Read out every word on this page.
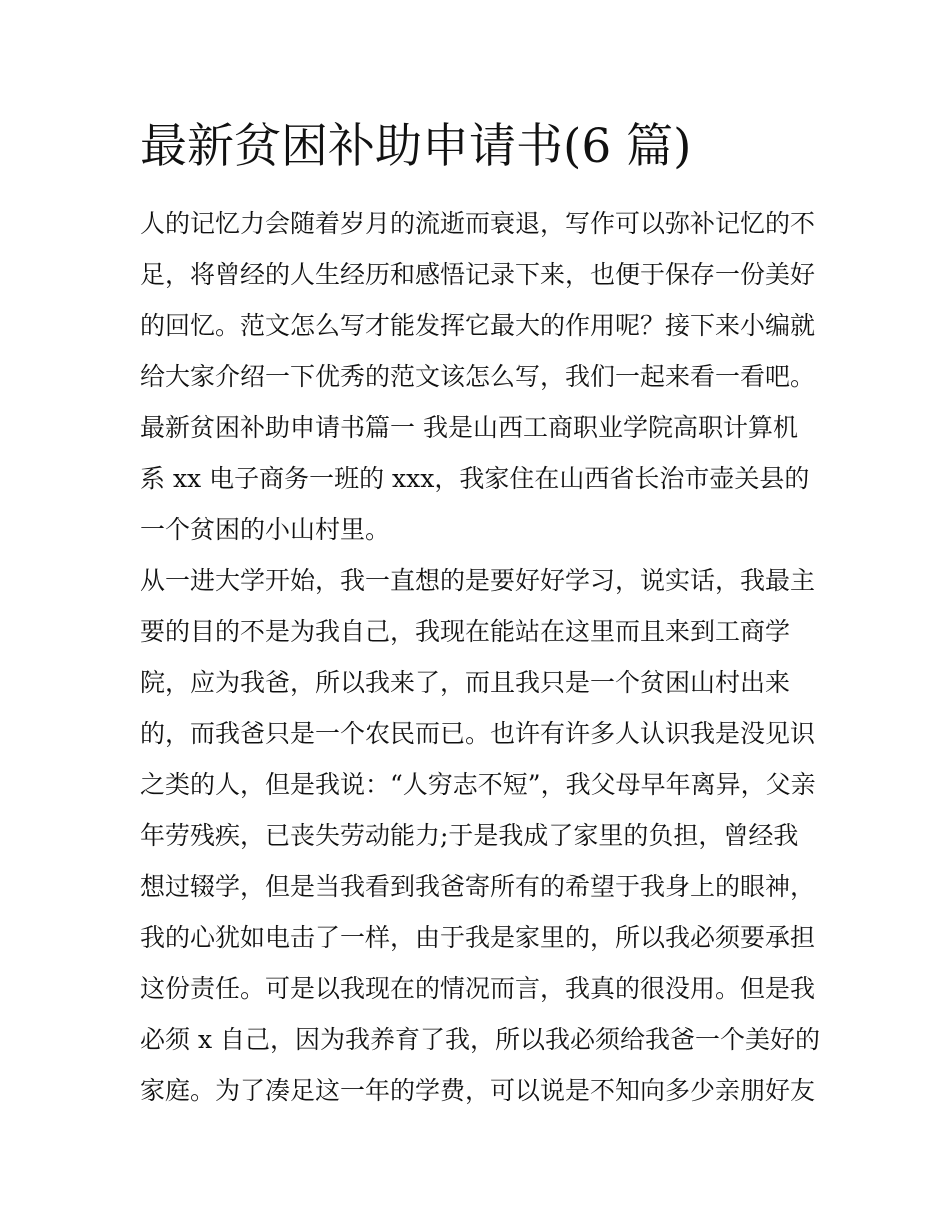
最新贫困补助申请书(6 篇)

人的记忆力会随着岁月的流逝而衰退，写作可以弥补记忆的不

足，将曾经的人生经历和感悟记录下来，也便于保存一份美好

的回忆。范文怎么写才能发挥它最大的作用呢？接下来小编就

给大家介绍一下优秀的范文该怎么写，我们一起来看一看吧。

最新贫困补助申请书篇一 我是山西工商职业学院高职计算机

系 xx 电子商务一班的 xxx，我家住在山西省长治市壶关县的

一个贫困的小山村里。

从一进大学开始，我一直想的是要好好学习，说实话，我最主

要的目的不是为我自己，我现在能站在这里而且来到工商学

院，应为我爸，所以我来了，而且我只是一个贫困山村出来

的，而我爸只是一个农民而已。也许有许多人认识我是没见识

之类的人，但是我说：“人穷志不短”，我父母早年离异，父亲

年劳残疾，已丧失劳动能力;于是我成了家里的负担，曾经我

想过辍学，但是当我看到我爸寄所有的希望于我身上的眼神，

我的心犹如电击了一样，由于我是家里的，所以我必须要承担

这份责任。可是以我现在的情况而言，我真的很没用。但是我

必须 x 自己，因为我养育了我，所以我必须给我爸一个美好的

家庭。为了凑足这一年的学费，可以说是不知向多少亲朋好友
